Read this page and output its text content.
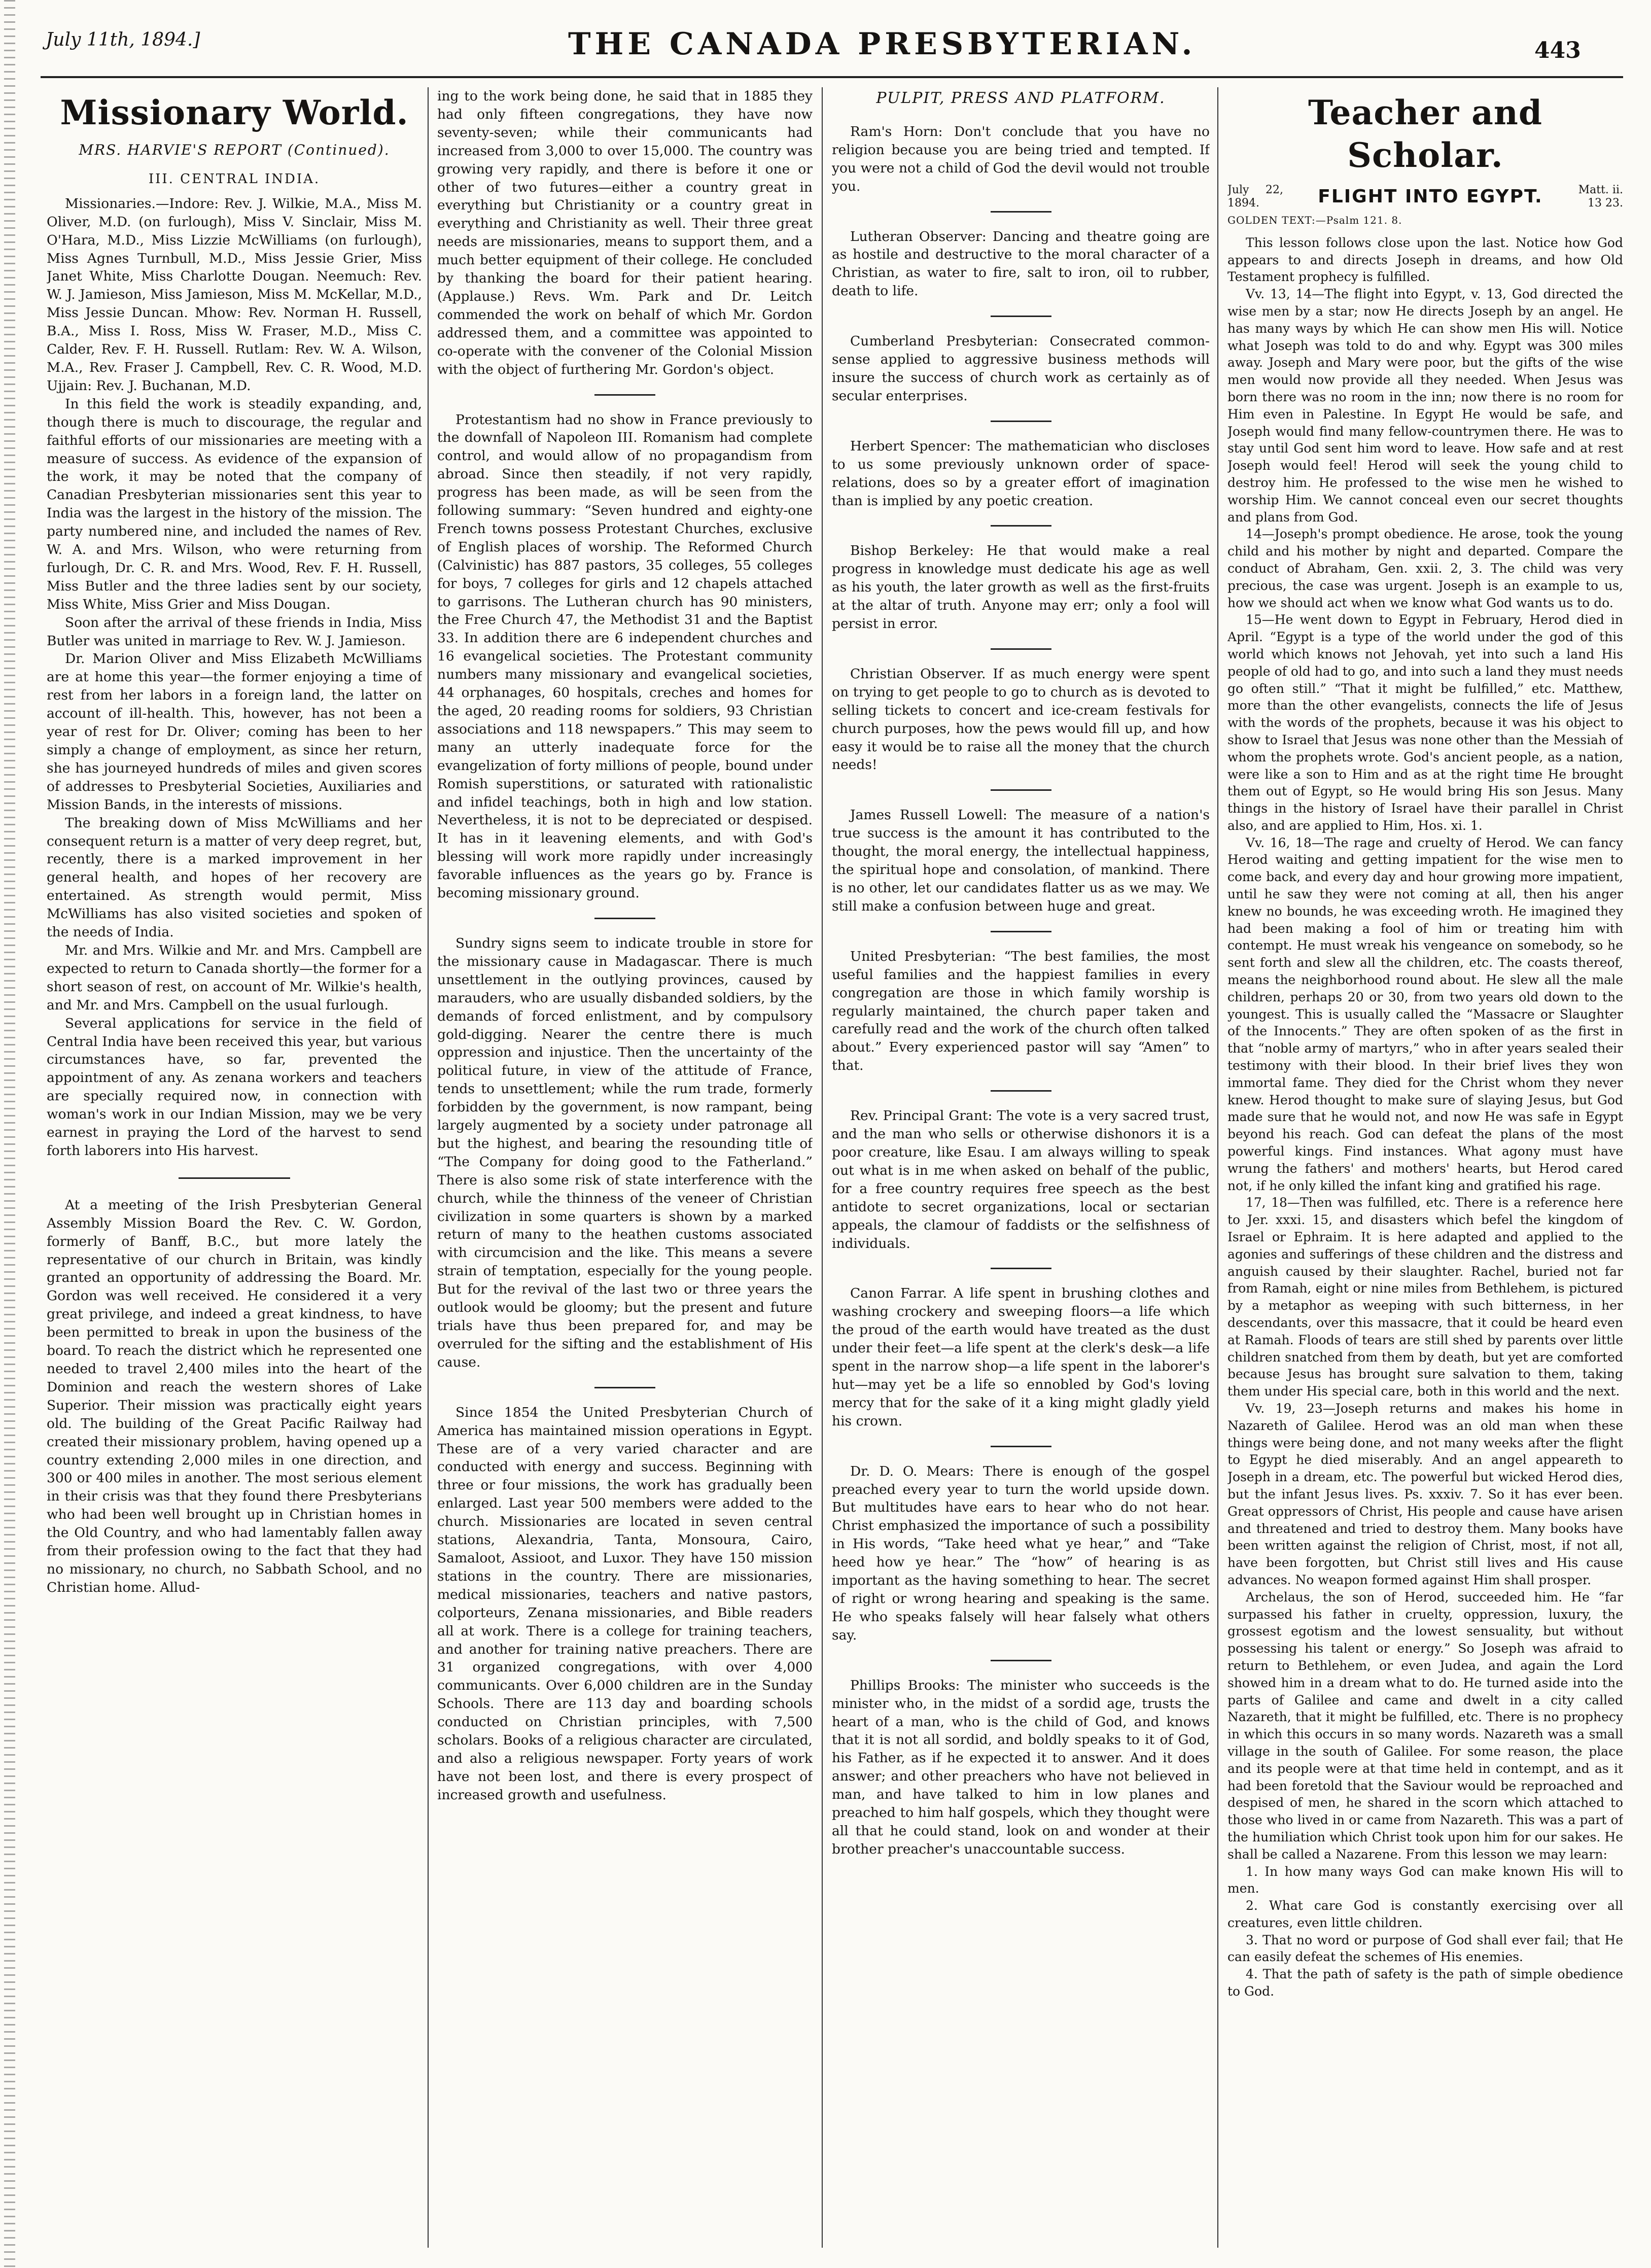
July 11th, 1894.]	THE CANADA PRESBYTERIAN.	443
Missionary World.
MRS. HARVIE'S REPORT (Continued).
III. CENTRAL INDIA.

Missionaries.—Indore: Rev. J. Wilkie, M.A., Miss M. Oliver, M.D. (on furlough), Miss V. Sinclair, Miss M. O'Hara, M.D., Miss Lizzie McWilliams (on furlough), Miss Agnes Turnbull, M.D., Miss Jessie Grier, Miss Janet White, Miss Charlotte Dougan. Neemuch: Rev. W. J. Jamieson, Miss Jamieson, Miss M. McKellar, M.D., Miss Jessie Duncan. Mhow: Rev. Norman H. Russell, B.A., Miss I. Ross, Miss W. Fraser, M.D., Miss C. Calder, Rev. F. H. Russell. Rutlam: Rev. W. A. Wilson, M.A., Rev. Fraser J. Campbell, Rev. C. R. Wood, M.D. Ujjain: Rev. J. Buchanan, M.D.

In this field the work is steadily expanding, and, though there is much to discourage, the regular and faithful efforts of our missionaries are meeting with a measure of success. As evidence of the expansion of the work, it may be noted that the company of Canadian Presbyterian missionaries sent this year to India was the largest in the history of the mission. The party numbered nine, and included the names of Rev. W. A. and Mrs. Wilson, who were returning from furlough, Dr. C. R. and Mrs. Wood, Rev. F. H. Russell, Miss Butler and the three ladies sent by our society, Miss White, Miss Grier and Miss Dougan.

Soon after the arrival of these friends in India, Miss Butler was united in marriage to Rev. W. J. Jamieson.

Dr. Marion Oliver and Miss Elizabeth McWilliams are at home this year—the former enjoying a time of rest from her labors in a foreign land, the latter on account of ill-health. This, however, has not been a year of rest for Dr. Oliver; coming has been to her simply a change of employment, as since her return, she has journeyed hundreds of miles and given scores of addresses to Presbyterial Societies, Auxiliaries and Mission Bands, in the interests of missions.

The breaking down of Miss McWilliams and her consequent return is a matter of very deep regret, but, recently, there is a marked improvement in her general health, and hopes of her recovery are entertained. As strength would permit, Miss McWilliams has also visited societies and spoken of the needs of India.

Mr. and Mrs. Wilkie and Mr. and Mrs. Campbell are expected to return to Canada shortly—the former for a short season of rest, on account of Mr. Wilkie's health, and Mr. and Mrs. Campbell on the usual furlough.

Several applications for service in the field of Central India have been received this year, but various circumstances have, so far, prevented the appointment of any. As zenana workers and teachers are specially required now, in connection with woman's work in our Indian Mission, may we be very earnest in praying the Lord of the harvest to send forth laborers into His harvest.

At a meeting of the Irish Presbyterian General Assembly Mission Board the Rev. C. W. Gordon, formerly of Banff, B.C., but more lately the representative of our church in Britain, was kindly granted an opportunity of addressing the Board. Mr. Gordon was well received. He considered it a very great privilege, and indeed a great kindness, to have been permitted to break in upon the business of the board. To reach the district which he represented one needed to travel 2,400 miles into the heart of the Dominion and reach the western shores of Lake Superior. Their mission was practically eight years old. The building of the Great Pacific Railway had created their missionary problem, having opened up a country extending 2,000 miles in one direction, and 300 or 400 miles in another. The most serious element in their crisis was that they found there Presbyterians who had been well brought up in Christian homes in the Old Country, and who had lamentably fallen away from their profession owing to the fact that they had no missionary, no church, no Sabbath School, and no Christian home. Allud-

ing to the work being done, he said that in 1885 they had only fifteen congregations, they have now seventy-seven; while their communicants had increased from 3,000 to over 15,000. The country was growing very rapidly, and there is before it one or other of two futures—either a country great in everything but Christianity or a country great in everything and Christianity as well. Their three great needs are missionaries, means to support them, and a much better equipment of their college. He concluded by thanking the board for their patient hearing. (Applause.) Revs. Wm. Park and Dr. Leitch commended the work on behalf of which Mr. Gordon addressed them, and a committee was appointed to co-operate with the convener of the Colonial Mission with the object of furthering Mr. Gordon's object.

Protestantism had no show in France previously to the downfall of Napoleon III. Romanism had complete control, and would allow of no propagandism from abroad. Since then steadily, if not very rapidly, progress has been made, as will be seen from the following summary: “Seven hundred and eighty-one French towns possess Protestant Churches, exclusive of English places of worship. The Reformed Church (Calvinistic) has 887 pastors, 35 colleges, 55 colleges for boys, 7 colleges for girls and 12 chapels attached to garrisons. The Lutheran church has 90 ministers, the Free Church 47, the Methodist 31 and the Baptist 33. In addition there are 6 independent churches and 16 evangelical societies. The Protestant community numbers many missionary and evangelical societies, 44 orphanages, 60 hospitals, creches and homes for the aged, 20 reading rooms for soldiers, 93 Christian associations and 118 newspapers.” This may seem to many an utterly inadequate force for the evangelization of forty millions of people, bound under Romish superstitions, or saturated with rationalistic and infidel teachings, both in high and low station. Nevertheless, it is not to be depreciated or despised. It has in it leavening elements, and with God's blessing will work more rapidly under increasingly favorable influences as the years go by. France is becoming missionary ground.

Sundry signs seem to indicate trouble in store for the missionary cause in Madagascar. There is much unsettlement in the outlying provinces, caused by marauders, who are usually disbanded soldiers, by the demands of forced enlistment, and by compulsory gold-digging. Nearer the centre there is much oppression and injustice. Then the uncertainty of the political future, in view of the attitude of France, tends to unsettlement; while the rum trade, formerly forbidden by the government, is now rampant, being largely augmented by a society under patronage all but the highest, and bearing the resounding title of “The Company for doing good to the Fatherland.” There is also some risk of state interference with the church, while the thinness of the veneer of Christian civilization in some quarters is shown by a marked return of many to the heathen customs associated with circumcision and the like. This means a severe strain of temptation, especially for the young people. But for the revival of the last two or three years the outlook would be gloomy; but the present and future trials have thus been prepared for, and may be overruled for the sifting and the establishment of His cause.

Since 1854 the United Presbyterian Church of America has maintained mission operations in Egypt. These are of a very varied character and are conducted with energy and success. Beginning with three or four missions, the work has gradually been enlarged. Last year 500 members were added to the church. Missionaries are located in seven central stations, Alexandria, Tanta, Monsoura, Cairo, Samaloot, Assioot, and Luxor. They have 150 mission stations in the country. There are missionaries, medical missionaries, teachers and native pastors, colporteurs, Zenana missionaries, and Bible readers all at work. There is a college for training teachers, and another for training native preachers. There are 31 organized congregations, with over 4,000 communicants. Over 6,000 children are in the Sunday Schools. There are 113 day and boarding schools conducted on Christian principles, with 7,500 scholars. Books of a religious character are circulated, and also a religious newspaper. Forty years of work have not been lost, and there is every prospect of increased growth and usefulness.

PULPIT, PRESS AND PLATFORM.

Ram's Horn: Don't conclude that you have no religion because you are being tried and tempted. If you were not a child of God the devil would not trouble you.

Lutheran Observer: Dancing and theatre going are as hostile and destructive to the moral character of a Christian, as water to fire, salt to iron, oil to rubber, death to life.

Cumberland Presbyterian: Consecrated common-sense applied to aggressive business methods will insure the success of church work as certainly as of secular enterprises.

Herbert Spencer: The mathematician who discloses to us some previously unknown order of space-relations, does so by a greater effort of imagination than is implied by any poetic creation.

Bishop Berkeley: He that would make a real progress in knowledge must dedicate his age as well as his youth, the later growth as well as the first-fruits at the altar of truth. Anyone may err; only a fool will persist in error.

Christian Observer. If as much energy were spent on trying to get people to go to church as is devoted to selling tickets to concert and ice-cream festivals for church purposes, how the pews would fill up, and how easy it would be to raise all the money that the church needs!

James Russell Lowell: The measure of a nation's true success is the amount it has contributed to the thought, the moral energy, the intellectual happiness, the spiritual hope and consolation, of mankind. There is no other, let our candidates flatter us as we may. We still make a confusion between huge and great.

United Presbyterian: “The best families, the most useful families and the happiest families in every congregation are those in which family worship is regularly maintained, the church paper taken and carefully read and the work of the church often talked about.” Every experienced pastor will say “Amen” to that.

Rev. Principal Grant: The vote is a very sacred trust, and the man who sells or otherwise dishonors it is a poor creature, like Esau. I am always willing to speak out what is in me when asked on behalf of the public, for a free country requires free speech as the best antidote to secret organizations, local or sectarian appeals, the clamour of faddists or the selfishness of individuals.

Canon Farrar. A life spent in brushing clothes and washing crockery and sweeping floors—a life which the proud of the earth would have treated as the dust under their feet—a life spent at the clerk's desk—a life spent in the narrow shop—a life spent in the laborer's hut—may yet be a life so ennobled by God's loving mercy that for the sake of it a king might gladly yield his crown.

Dr. D. O. Mears: There is enough of the gospel preached every year to turn the world upside down. But multitudes have ears to hear who do not hear. Christ emphasized the importance of such a possibility in His words, “Take heed what ye hear,” and “Take heed how ye hear.” The “how” of hearing is as important as the having something to hear. The secret of right or wrong hearing and speaking is the same. He who speaks falsely will hear falsely what others say.

Phillips Brooks: The minister who succeeds is the minister who, in the midst of a sordid age, trusts the heart of a man, who is the child of God, and knows that it is not all sordid, and boldly speaks to it of God, his Father, as if he expected it to answer. And it does answer; and other preachers who have not believed in man, and have talked to him in low planes and preached to him half gospels, which they thought were all that he could stand, look on and wonder at their brother preacher's unaccountable success.

Teacher and Scholar.
July 22, 1894.	FLIGHT INTO EGYPT.	Matt. ii. 13 23.
GOLDEN TEXT:—Psalm 121. 8.

This lesson follows close upon the last. Notice how God appears to and directs Joseph in dreams, and how Old Testament prophecy is fulfilled.

Vv. 13, 14—The flight into Egypt, v. 13, God directed the wise men by a star; now He directs Joseph by an angel. He has many ways by which He can show men His will. Notice what Joseph was told to do and why. Egypt was 300 miles away. Joseph and Mary were poor, but the gifts of the wise men would now provide all they needed. When Jesus was born there was no room in the inn; now there is no room for Him even in Palestine. In Egypt He would be safe, and Joseph would find many fellow-countrymen there. He was to stay until God sent him word to leave. How safe and at rest Joseph would feel! Herod will seek the young child to destroy him. He professed to the wise men he wished to worship Him. We cannot conceal even our secret thoughts and plans from God.

14—Joseph's prompt obedience. He arose, took the young child and his mother by night and departed. Compare the conduct of Abraham, Gen. xxii. 2, 3. The child was very precious, the case was urgent. Joseph is an example to us, how we should act when we know what God wants us to do.

15—He went down to Egypt in February, Herod died in April. “Egypt is a type of the world under the god of this world which knows not Jehovah, yet into such a land His people of old had to go, and into such a land they must needs go often still.” “That it might be fulfilled,” etc. Matthew, more than the other evangelists, connects the life of Jesus with the words of the prophets, because it was his object to show to Israel that Jesus was none other than the Messiah of whom the prophets wrote. God's ancient people, as a nation, were like a son to Him and as at the right time He brought them out of Egypt, so He would bring His son Jesus. Many things in the history of Israel have their parallel in Christ also, and are applied to Him, Hos. xi. 1.

Vv. 16, 18—The rage and cruelty of Herod. We can fancy Herod waiting and getting impatient for the wise men to come back, and every day and hour growing more impatient, until he saw they were not coming at all, then his anger knew no bounds, he was exceeding wroth. He imagined they had been making a fool of him or treating him with contempt. He must wreak his vengeance on somebody, so he sent forth and slew all the children, etc. The coasts thereof, means the neighborhood round about. He slew all the male children, perhaps 20 or 30, from two years old down to the youngest. This is usually called the “Massacre or Slaughter of the Innocents.” They are often spoken of as the first in that “noble army of martyrs,” who in after years sealed their testimony with their blood. In their brief lives they won immortal fame. They died for the Christ whom they never knew. Herod thought to make sure of slaying Jesus, but God made sure that he would not, and now He was safe in Egypt beyond his reach. God can defeat the plans of the most powerful kings. Find instances. What agony must have wrung the fathers' and mothers' hearts, but Herod cared not, if he only killed the infant king and gratified his rage.

17, 18—Then was fulfilled, etc. There is a reference here to Jer. xxxi. 15, and disasters which befel the kingdom of Israel or Ephraim. It is here adapted and applied to the agonies and sufferings of these children and the distress and anguish caused by their slaughter. Rachel, buried not far from Ramah, eight or nine miles from Bethlehem, is pictured by a metaphor as weeping with such bitterness, in her descendants, over this massacre, that it could be heard even at Ramah. Floods of tears are still shed by parents over little children snatched from them by death, but yet are comforted because Jesus has brought sure salvation to them, taking them under His special care, both in this world and the next.

Vv. 19, 23—Joseph returns and makes his home in Nazareth of Galilee. Herod was an old man when these things were being done, and not many weeks after the flight to Egypt he died miserably. And an angel appeareth to Joseph in a dream, etc. The powerful but wicked Herod dies, but the infant Jesus lives. Ps. xxxiv. 7. So it has ever been. Great oppressors of Christ, His people and cause have arisen and threatened and tried to destroy them. Many books have been written against the religion of Christ, most, if not all, have been forgotten, but Christ still lives and His cause advances. No weapon formed against Him shall prosper.

Archelaus, the son of Herod, succeeded him. He “far surpassed his father in cruelty, oppression, luxury, the grossest egotism and the lowest sensuality, but without possessing his talent or energy.” So Joseph was afraid to return to Bethlehem, or even Judea, and again the Lord showed him in a dream what to do. He turned aside into the parts of Galilee and came and dwelt in a city called Nazareth, that it might be fulfilled, etc. There is no prophecy in which this occurs in so many words. Nazareth was a small village in the south of Galilee. For some reason, the place and its people were at that time held in contempt, and as it had been foretold that the Saviour would be reproached and despised of men, he shared in the scorn which attached to those who lived in or came from Nazareth. This was a part of the humiliation which Christ took upon him for our sakes. He shall be called a Nazarene. From this lesson we may learn:

1. In how many ways God can make known His will to men.

2. What care God is constantly exercising over all creatures, even little children.

3. That no word or purpose of God shall ever fail; that He can easily defeat the schemes of His enemies.

4. That the path of safety is the path of simple obedience to God.
